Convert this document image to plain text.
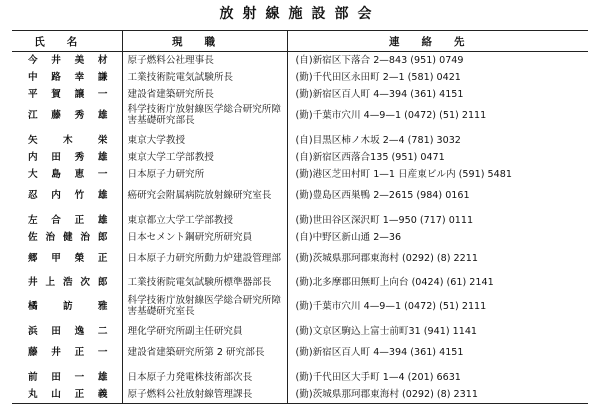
放射線施設部会
氏名	現職	連絡先
今井美材	原子燃料公社理事長	(自)新宿区下落合 2—843 (951) 0749
中路幸謙	工業技術院電気試験所長	(勤)千代田区永田町 2—1 (581) 0421
平賀譲一	建設省建築研究所長	(勤)新宿区百人町 4—394 (361) 4151
江藤秀雄	科学技術庁放射線医学総合研究所障害基礎研究部長	(勤)千葉市穴川 4—9—1 (0472) (51) 2111

矢木栄	東京大学教授	(自)目黒区柿ノ木坂 2—4 (781) 3032
内田秀雄	東京大学工学部教授	(自)新宿区西落合135 (951) 0471
大島恵一	日本原子力研究所	(勤)港区芝田村町 1—1 日産東ビル内 (591) 5481
忍内竹雄	癌研究会附属病院放射線研究室長	(勤)豊島区西巣鴨 2—2615 (984) 0161

左合正雄	東京都立大学工学部教授	(勤)世田谷区深沢町 1—950 (717) 0111
佐治健治郎	日本セメント鋼研究所研究員	(自)中野区新山通 2—36
郷甲榮正	日本原子力研究所動力炉建設管理部	(勤)茨城県那珂郡東海村 (0292) (8) 2211
井上浩次郎	工業技術院電気試験所標準器部長	(勤)北多摩郡田無町上向台 (0424) (61) 2141
橘訪雅	科学技術庁放射線医学総合研究所障害基礎研究室長	(勤)千葉市穴川 4—9—1 (0472) (51) 2111

浜田逸二	理化学研究所副主任研究員	(勤)文京区駒込上富士前町31 (941) 1141
藤井正一	建設省建築研究所第 2 研究部長	(勤)新宿区百人町 4—394 (361) 4151

前田一雄	日本原子力発電株技術部次長	(勤)千代田区大手町 1—4 (201) 6631
丸山正義	原子燃料公社放射線管理課長	(勤)茨城県那珂郡東海村 (0292) (8) 2311
